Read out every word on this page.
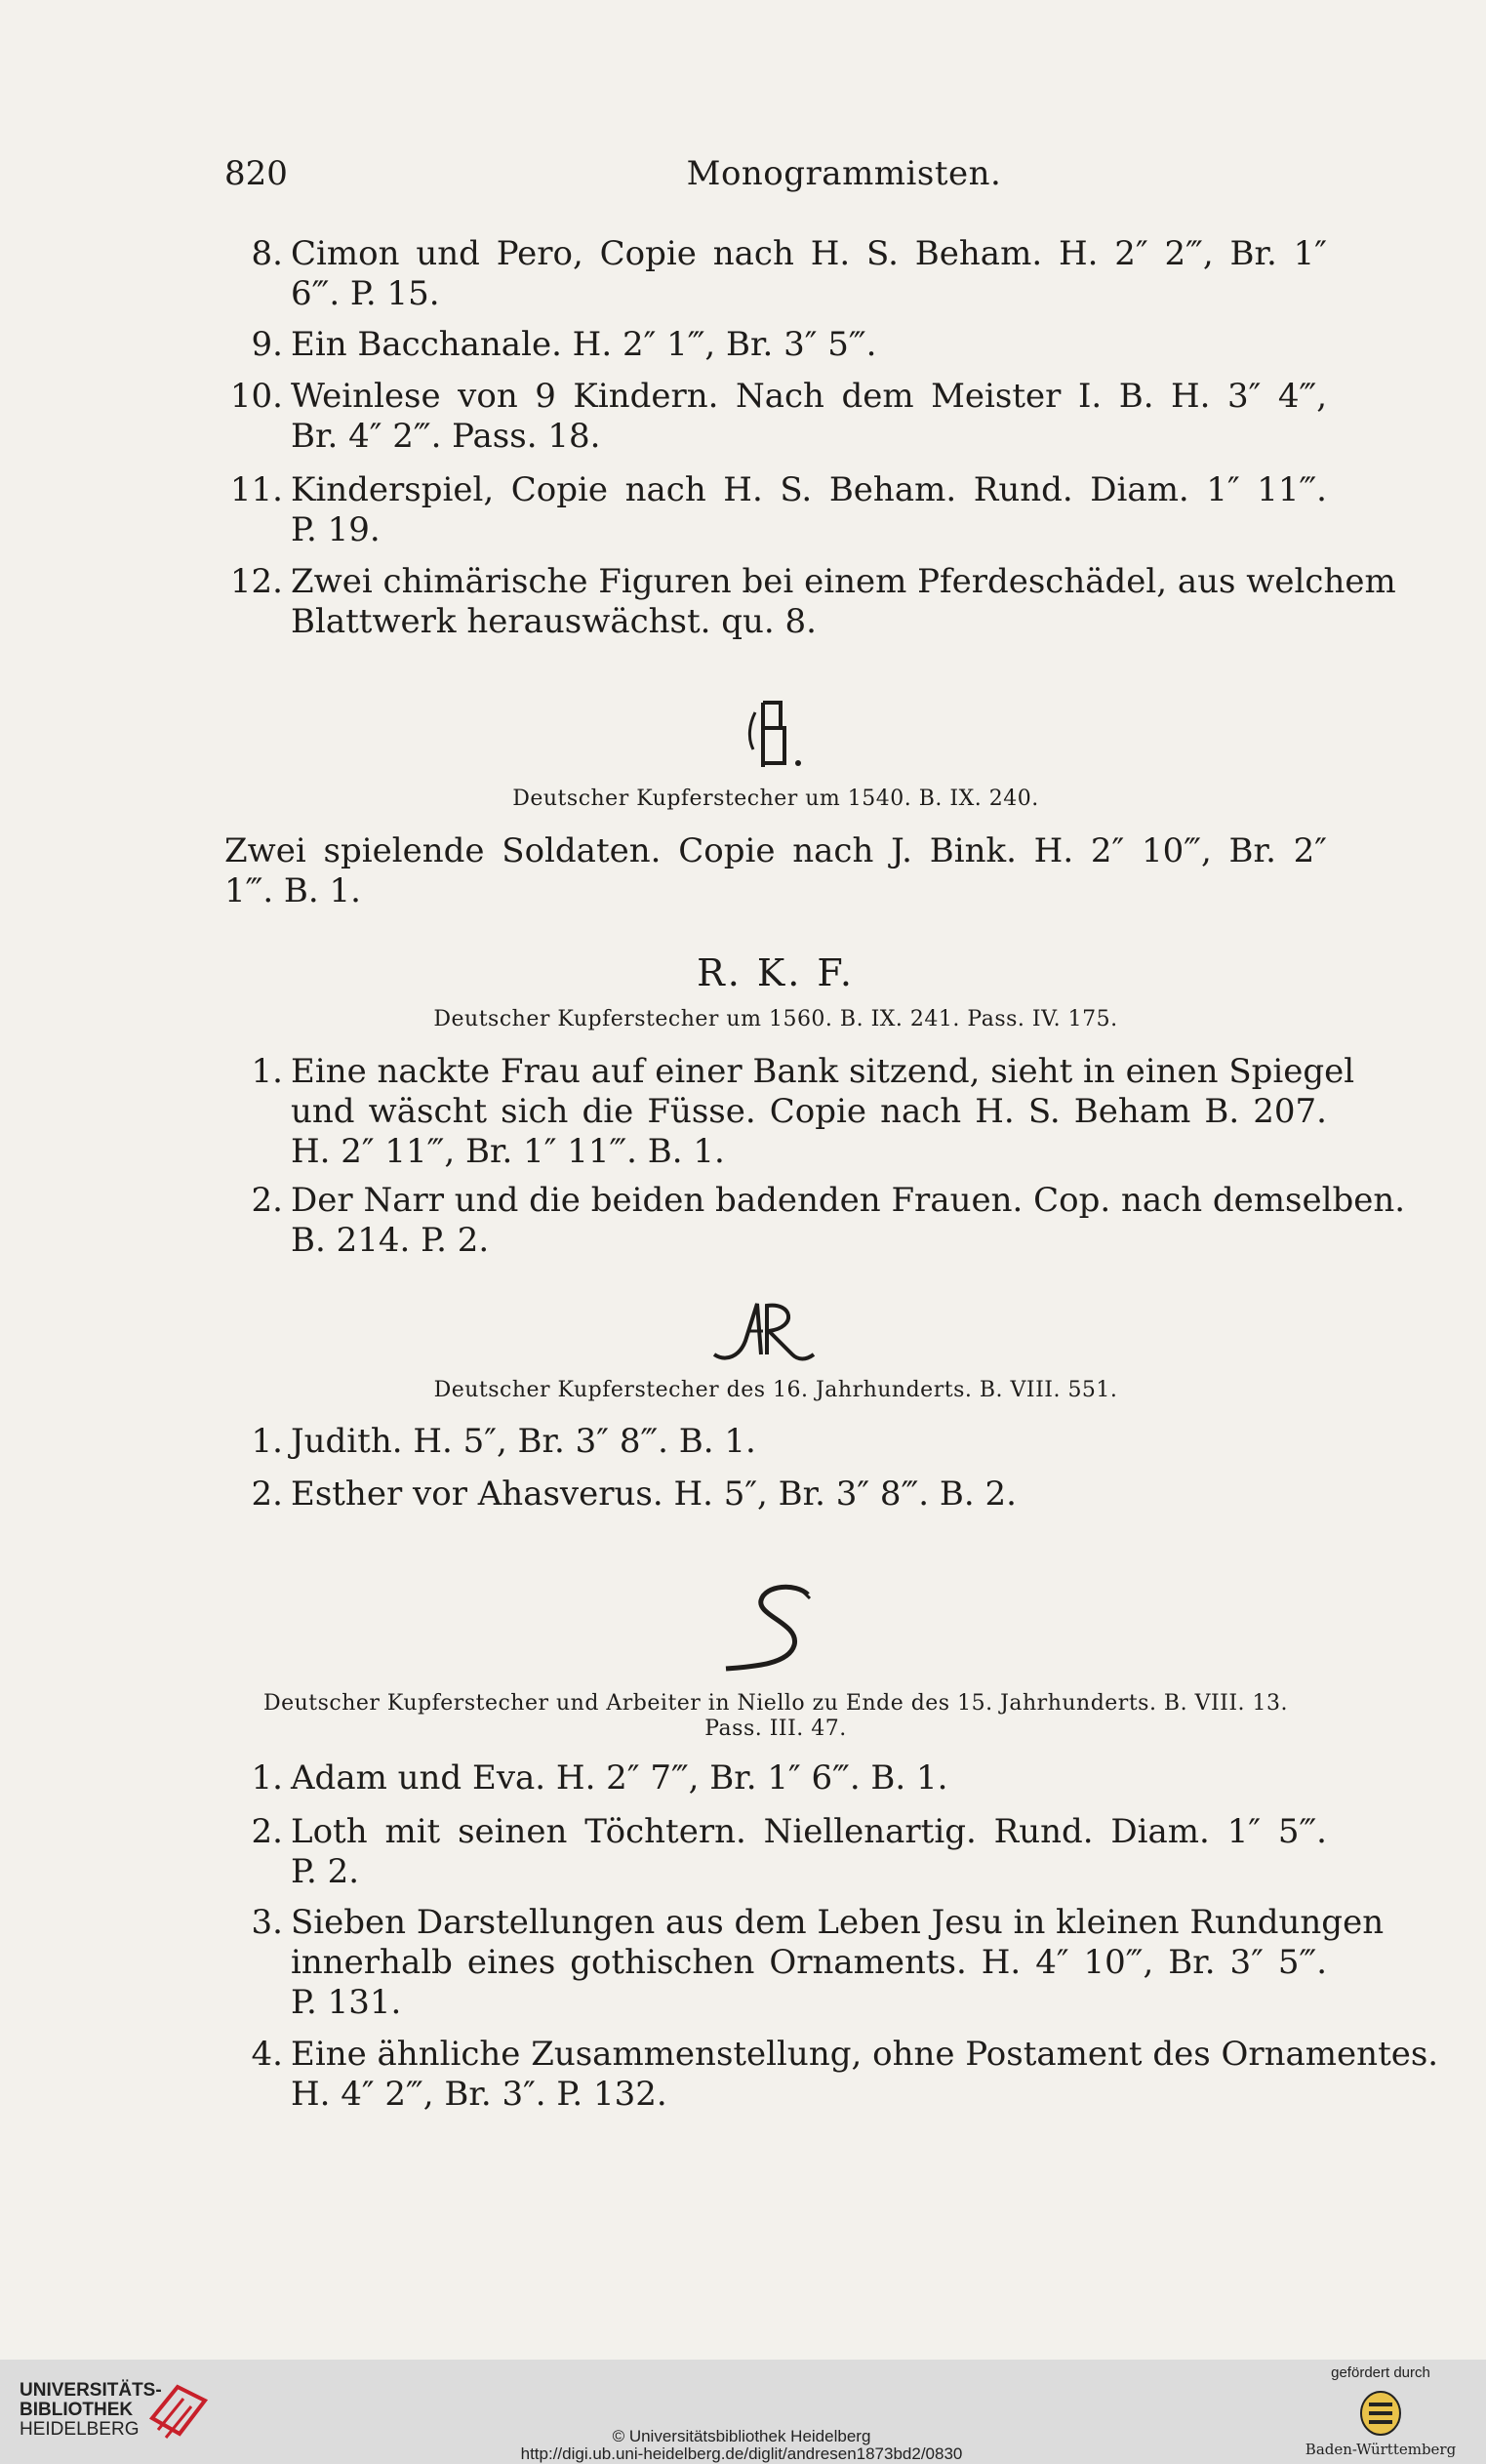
820	Monogrammisten.
8. Cimon und Pero, Copie nach H. S. Beham. H. 2″ 2‴, Br. 1″
6‴. P. 15.
9. Ein Bacchanale. H. 2″ 1‴, Br. 3″ 5‴.
10. Weinlese von 9 Kindern. Nach dem Meister I. B. H. 3″ 4‴,
Br. 4″ 2‴. Pass. 18.
11. Kinderspiel, Copie nach H. S. Beham. Rund. Diam. 1″ 11‴.
P. 19.
12. Zwei chimärische Figuren bei einem Pferdeschädel, aus welchem
Blattwerk herauswächst. qu. 8.
Deutscher Kupferstecher um 1540. B. IX. 240.
Zwei spielende Soldaten. Copie nach J. Bink. H. 2″ 10‴, Br. 2″
1‴. B. 1.
R. K. F.
Deutscher Kupferstecher um 1560. B. IX. 241. Pass. IV. 175.
1. Eine nackte Frau auf einer Bank sitzend, sieht in einen Spiegel
und wäscht sich die Füsse. Copie nach H. S. Beham B. 207.
H. 2″ 11‴, Br. 1″ 11‴. B. 1.
2. Der Narr und die beiden badenden Frauen. Cop. nach demselben.
B. 214. P. 2.
Deutscher Kupferstecher des 16. Jahrhunderts. B. VIII. 551.
1. Judith. H. 5″, Br. 3″ 8‴. B. 1.
2. Esther vor Ahasverus. H. 5″, Br. 3″ 8‴. B. 2.
Deutscher Kupferstecher und Arbeiter in Niello zu Ende des 15. Jahrhunderts. B. VIII. 13.
Pass. III. 47.
1. Adam und Eva. H. 2″ 7‴, Br. 1″ 6‴. B. 1.
2. Loth mit seinen Töchtern. Niellenartig. Rund. Diam. 1″ 5‴.
P. 2.
3. Sieben Darstellungen aus dem Leben Jesu in kleinen Rundungen
innerhalb eines gothischen Ornaments. H. 4″ 10‴, Br. 3″ 5‴.
P. 131.
4. Eine ähnliche Zusammenstellung, ohne Postament des Ornamentes.
H. 4″ 2‴, Br. 3″. P. 132.
UNIVERSITÄTS-
BIBLIOTHEK
HEIDELBERG	© Universitätsbibliothek Heidelberg
http://digi.ub.uni-heidelberg.de/diglit/andresen1873bd2/0830
gefördert durch
Baden-Württemberg
